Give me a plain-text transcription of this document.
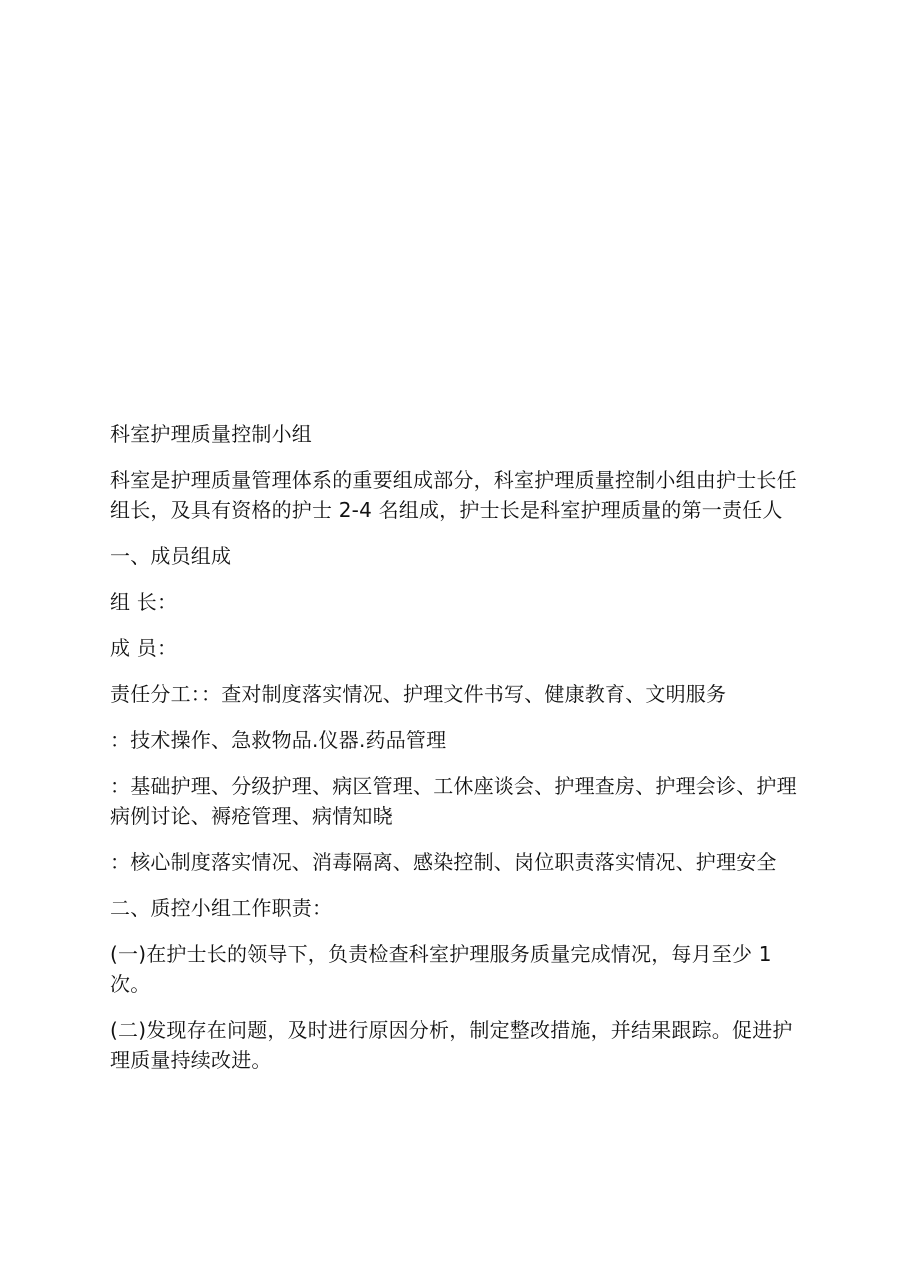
科室护理质量控制小组

科室是护理质量管理体系的重要组成部分，科室护理质量控制小组由护士长任组长，及具有资格的护士 2-4 名组成，护士长是科室护理质量的第一责任人

一、成员组成

组 长：

成 员：

责任分工：：查对制度落实情况、护理文件书写、健康教育、文明服务

：技术操作、急救物品.仪器.药品管理

：基础护理、分级护理、病区管理、工休座谈会、护理查房、护理会诊、护理病例讨论、褥疮管理、病情知晓

：核心制度落实情况、消毒隔离、感染控制、岗位职责落实情况、护理安全

二、质控小组工作职责：

(一)在护士长的领导下，负责检查科室护理服务质量完成情况，每月至少 1 次。

(二)发现存在问题，及时进行原因分析，制定整改措施，并结果跟踪。促进护理质量持续改进。
